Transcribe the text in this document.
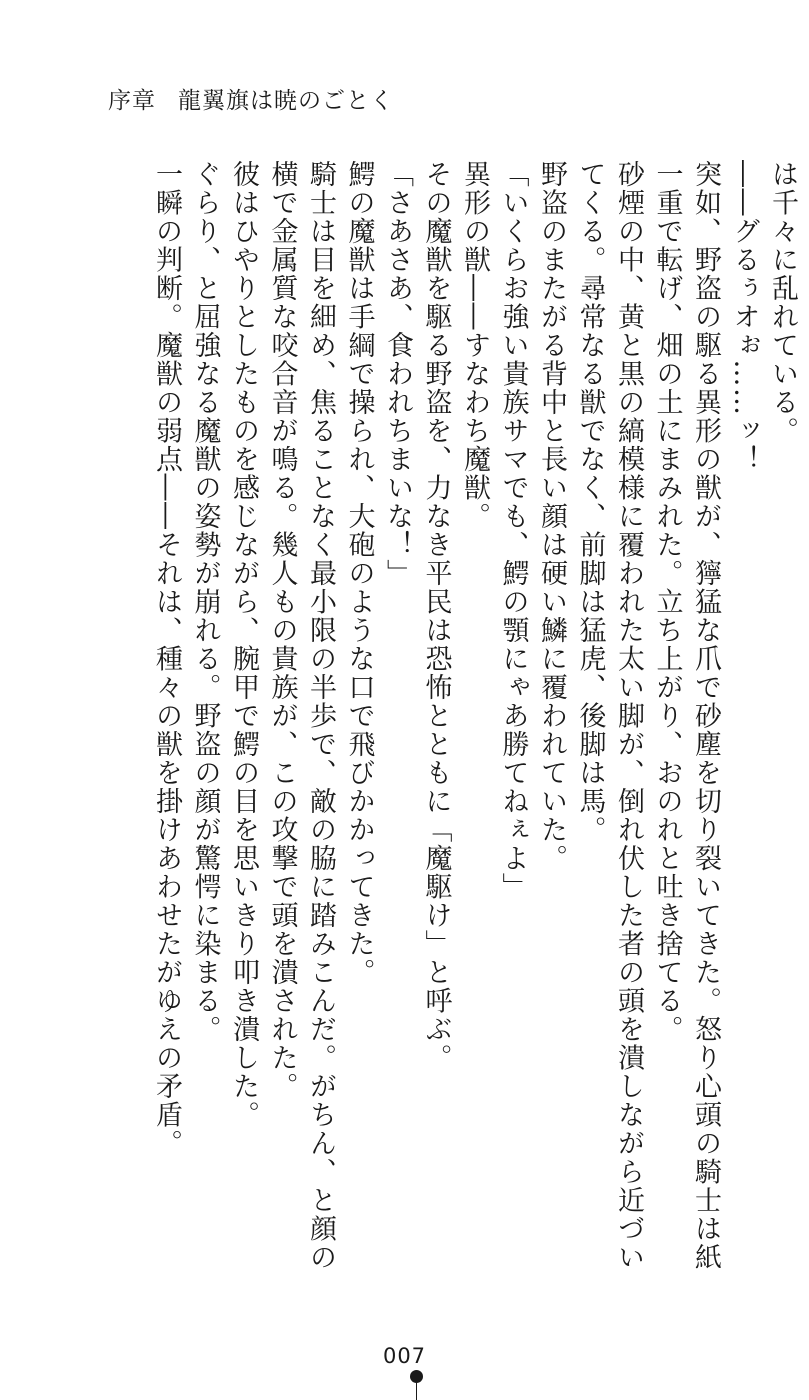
序章 龍翼旗は暁のごとく

は千々に乱れている。

――グるぅオぉ……ッ！

突如、野盗の駆る異形の獣が、獰猛な爪で砂塵を切り裂いてきた。怒り心頭の騎士は紙

一重で転げ、畑の土にまみれた。立ち上がり、おのれと吐き捨てる。

砂煙の中、黄と黒の縞模様に覆われた太い脚が、倒れ伏した者の頭を潰しながら近づい

てくる。尋常なる獣でなく、前脚は猛虎、後脚は馬。

野盗のまたがる背中と長い顔は硬い鱗に覆われていた。

「いくらお強い貴族サマでも、鰐の顎にゃあ勝てねぇよ」

異形の獣――すなわち魔獣。

その魔獣を駆る野盗を、力なき平民は恐怖とともに「魔駆け」と呼ぶ。

「さあさあ、食われちまいな！」

鰐の魔獣は手綱で操られ、大砲のような口で飛びかかってきた。

騎士は目を細め、焦ることなく最小限の半歩で、敵の脇に踏みこんだ。がちん、と顔の

横で金属質な咬合音が鳴る。幾人もの貴族が、この攻撃で頭を潰された。

彼はひやりとしたものを感じながら、腕甲で鰐の目を思いきり叩き潰した。

ぐらり、と屈強なる魔獣の姿勢が崩れる。野盗の顔が驚愕に染まる。

一瞬の判断。魔獣の弱点――それは、種々の獣を掛けあわせたがゆえの矛盾。

007
